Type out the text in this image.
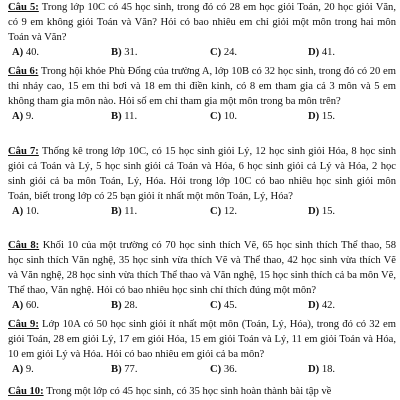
Câu 5: Trong lớp 10C có 45 học sinh, trong đó có 28 em học giỏi Toán, 20 học giỏi Văn, có 9 em không giỏi Toán và Văn? Hỏi có bao nhiêu em chỉ giỏi một môn trong hai môn Toán và Văn?

A) 40.	B) 31.	C) 24.	D) 41.

Câu 6: Trong hội khỏe Phù Đổng của trường A, lớp 10B có 32 học sinh, trong đó có 20 em thi nhảy cao, 15 em thi bơi và 18 em thi điền kinh, có 8 em tham gia cả 3 môn và 5 em không tham gia môn nào. Hỏi số em chỉ tham gia một môn trong ba môn trên?

A) 9.	B) 11.	C) 10.	D) 15.

Câu 7: Thống kê trong lớp 10C, có 15 học sinh giỏi Lý, 12 học sinh giỏi Hóa, 8 học sinh giỏi cả Toán và Lý, 5 học sinh giỏi cả Toán và Hóa, 6 học sinh giỏi cả Lý và Hóa, 2 học sinh giỏi cả ba môn Toán, Lý, Hóa. Hỏi trong lớp 10C có bao nhiêu học sinh giỏi môn Toán, biết trong lớp có 25 bạn giỏi ít nhất một môn Toán, Lý, Hóa?

A) 10.	B) 11.	C) 12.	D) 15.

Câu 8: Khối 10 của một trường có 70 học sinh thích Vẽ, 65 học sinh thích Thể thao, 58 học sinh thích Văn nghệ, 35 học sinh vừa thích Vẽ và Thể thao, 42 học sinh vừa thích Vẽ và Văn nghệ, 28 học sinh vừa thích Thể thao và Văn nghệ, 15 học sinh thích cả ba môn Vẽ, Thể thao, Văn nghệ. Hỏi có bao nhiêu học sinh chỉ thích đúng một môn?

A) 60.	B) 28.	C) 45.	D) 42.

Câu 9: Lớp 10A có 50 học sinh giỏi ít nhất một môn (Toán, Lý, Hóa), trong đó có 32 em giỏi Toán, 28 em giỏi Lý, 17 em giỏi Hóa, 15 em giỏi Toán và Lý, 11 em giỏi Toán và Hóa, 10 em giỏi Lý và Hóa. Hỏi có bao nhiêu em giỏi cả ba môn?

A) 9.	B) 77.	C) 36.	D) 18.

Câu 10: Trong một lớp có 45 học sinh, có 35 học sinh hoàn thành bài tập về
